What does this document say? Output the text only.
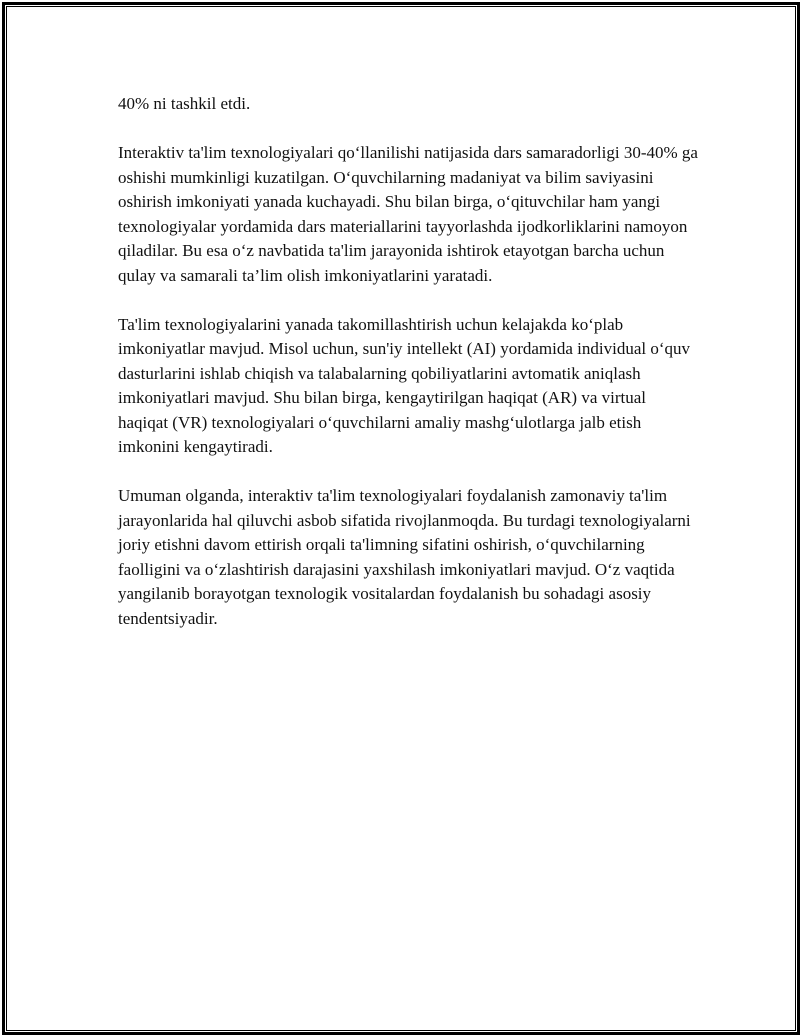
40% ni tashkil etdi.

Interaktiv ta'lim texnologiyalari qo‘llanilishi natijasida dars samaradorligi 30-40% ga oshishi mumkinligi kuzatilgan. O‘quvchilarning madaniyat va bilim saviyasini oshirish imkoniyati yanada kuchayadi. Shu bilan birga, o‘qituvchilar ham yangi texnologiyalar yordamida dars materiallarini tayyorlashda ijodkorliklarini namoyon qiladilar. Bu esa o‘z navbatida ta'lim jarayonida ishtirok etayotgan barcha uchun qulay va samarali ta’lim olish imkoniyatlarini yaratadi.

Ta'lim texnologiyalarini yanada takomillashtirish uchun kelajakda ko‘plab imkoniyatlar mavjud. Misol uchun, sun'iy intellekt (AI) yordamida individual o‘quv dasturlarini ishlab chiqish va talabalarning qobiliyatlarini avtomatik aniqlash imkoniyatlari mavjud. Shu bilan birga, kengaytirilgan haqiqat (AR) va virtual haqiqat (VR) texnologiyalari o‘quvchilarni amaliy mashg‘ulotlarga jalb etish imkonini kengaytiradi.

Umuman olganda, interaktiv ta'lim texnologiyalari foydalanish zamonaviy ta'lim jarayonlarida hal qiluvchi asbob sifatida rivojlanmoqda. Bu turdagi texnologiyalarni joriy etishni davom ettirish orqali ta'limning sifatini oshirish, o‘quvchilarning faolligini va o‘zlashtirish darajasini yaxshilash imkoniyatlari mavjud. O‘z vaqtida yangilanib borayotgan texnologik vositalardan foydalanish bu sohadagi asosiy tendentsiyadir.
